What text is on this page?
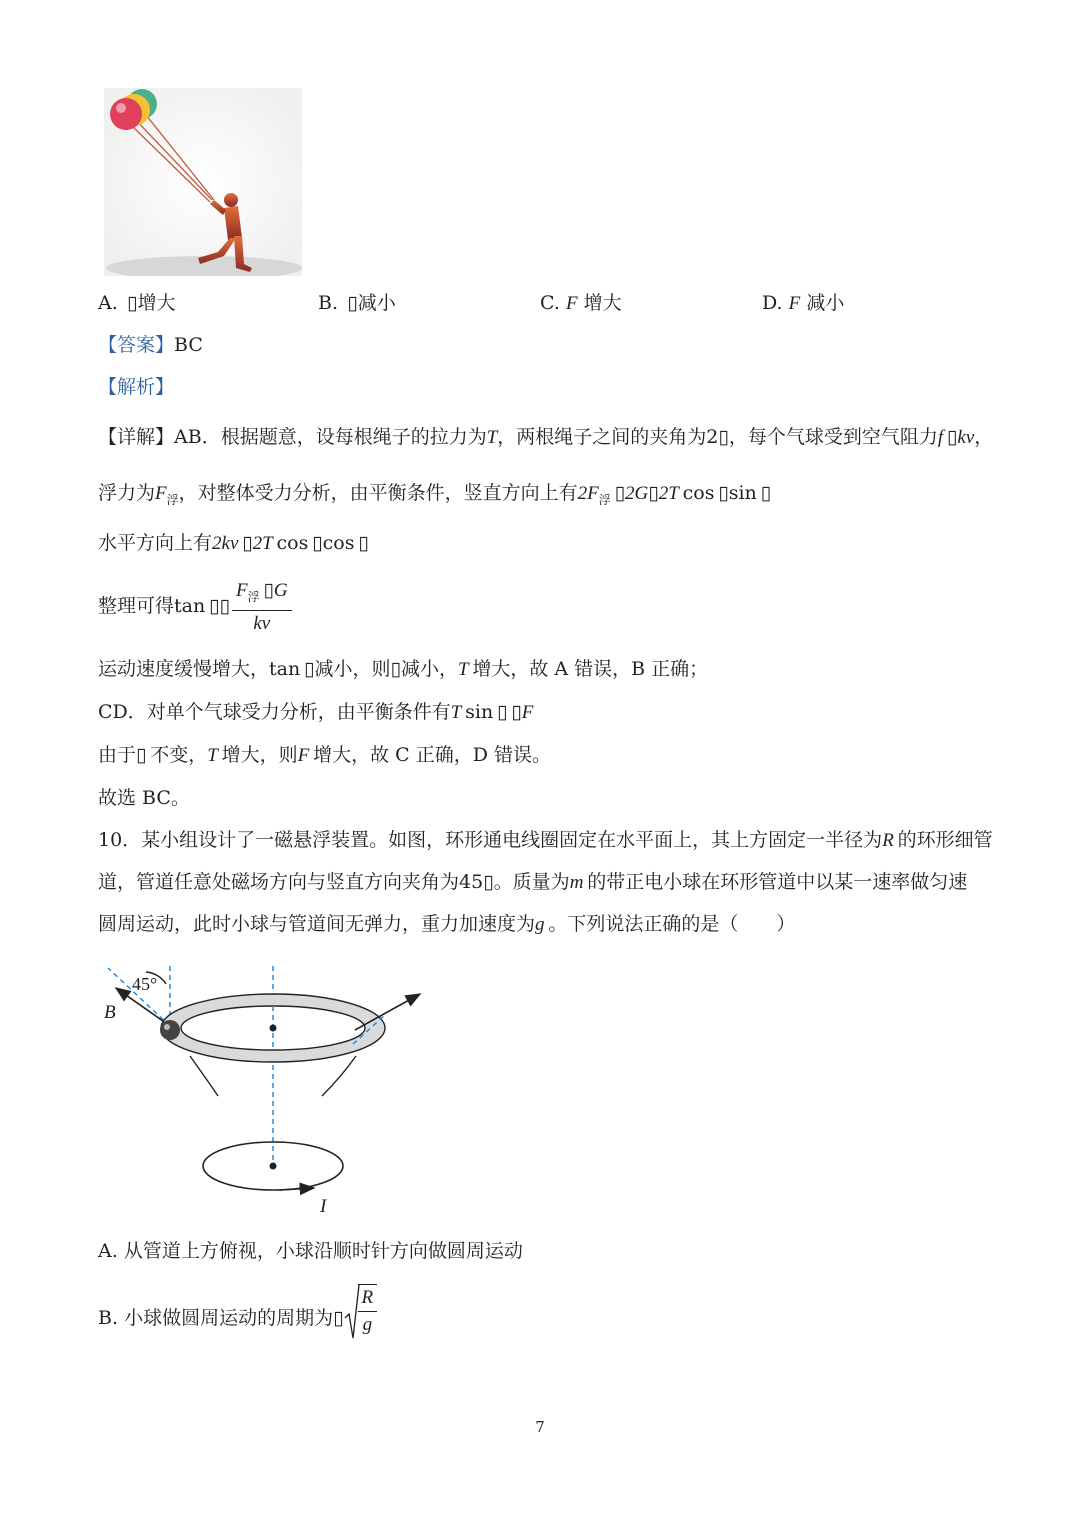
A.   ▯增大	B.   ▯减小	C. F 增大	D. F 减小
【答案】BC
【解析】
【详解】AB．根据题意，设每根绳子的拉力为T，两根绳子之间的夹角为2▯，每个气球受到空气阻力f ▯kv，
浮力为$F_浮$，对整体受力分析，由平衡条件，竖直方向上有$2F_浮$ ▯2G▯2T  cos  ▯sin  ▯
水平方向上有2kv ▯2T  cos  ▯cos  ▯
整理可得tan  ▯▯ $\frac{F_浮 ▯G}{kv}$
运动速度缓慢增大，tan  ▯减小，则▯减小，T  增大，故 A 错误，B 正确；
CD．对单个气球受力分析，由平衡条件有T  sin  ▯ ▯F
由于▯  不变，T  增大，则F  增大，故 C 正确，D 错误。
故选 BC。
10．某小组设计了一磁悬浮装置。如图，环形通电线圈固定在水平面上，其上方固定一半径为R  的环形细管
道，管道任意处磁场方向与竖直方向夹角为45▯。质量为m  的带正电小球在环形管道中以某一速率做匀速
圆周运动，此时小球与管道间无弹力，重力加速度为g  。下列说法正确的是（　　）
45°
B
I
A. 从管道上方俯视，小球沿顺时针方向做圆周运动
B. 小球做圆周运动的周期为▯ $\frac{R}{g}$
7
